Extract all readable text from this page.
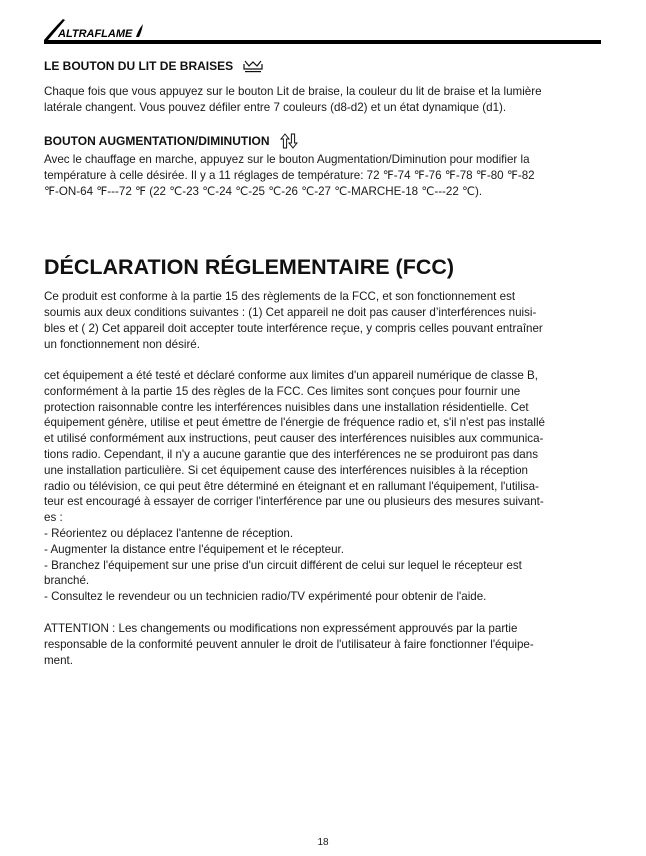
ALTRAFLAME
LE BOUTON DU LIT DE BRAISES
Chaque fois que vous appuyez sur le bouton Lit de braise, la couleur du lit de braise et la lumière
latérale changent. Vous pouvez défiler entre 7 couleurs (d8-d2) et un état dynamique (d1).
BOUTON AUGMENTATION/DIMINUTION
Avec le chauffage en marche, appuyez sur le bouton Augmentation/Diminution pour modifier la
température à celle désirée. Il y a 11 réglages de température: 72 ℉-74 ℉-76 ℉-78 ℉-80 ℉-82
℉-ON-64 ℉---72 ℉ (22 ℃-23 ℃-24 ℃-25 ℃-26 ℃-27 ℃-MARCHE-18 ℃---22 ℃).
DÉCLARATION RÉGLEMENTAIRE (FCC)
Ce produit est conforme à la partie 15 des règlements de la FCC, et son fonctionnement est
soumis aux deux conditions suivantes : (1) Cet appareil ne doit pas causer d’interférences nuisi-
bles et ( 2) Cet appareil doit accepter toute interférence reçue, y compris celles pouvant entraîner
un fonctionnement non désiré.
cet équipement a été testé et déclaré conforme aux limites d'un appareil numérique de classe B,
conformément à la partie 15 des règles de la FCC. Ces limites sont conçues pour fournir une
protection raisonnable contre les interférences nuisibles dans une installation résidentielle. Cet
équipement génère, utilise et peut émettre de l'énergie de fréquence radio et, s'il n'est pas installé
et utilisé conformément aux instructions, peut causer des interférences nuisibles aux communica-
tions radio. Cependant, il n'y a aucune garantie que des interférences ne se produiront pas dans
une installation particulière. Si cet équipement cause des interférences nuisibles à la réception
radio ou télévision, ce qui peut être déterminé en éteignant et en rallumant l'équipement, l'utilisa-
teur est encouragé à essayer de corriger l'interférence par une ou plusieurs des mesures suivant-
es :
- Réorientez ou déplacez l'antenne de réception.
- Augmenter la distance entre l'équipement et le récepteur.
- Branchez l'équipement sur une prise d'un circuit différent de celui sur lequel le récepteur est
branché.
- Consultez le revendeur ou un technicien radio/TV expérimenté pour obtenir de l'aide.
ATTENTION : Les changements ou modifications non expressément approuvés par la partie
responsable de la conformité peuvent annuler le droit de l'utilisateur à faire fonctionner l'équipe-
ment.
18
